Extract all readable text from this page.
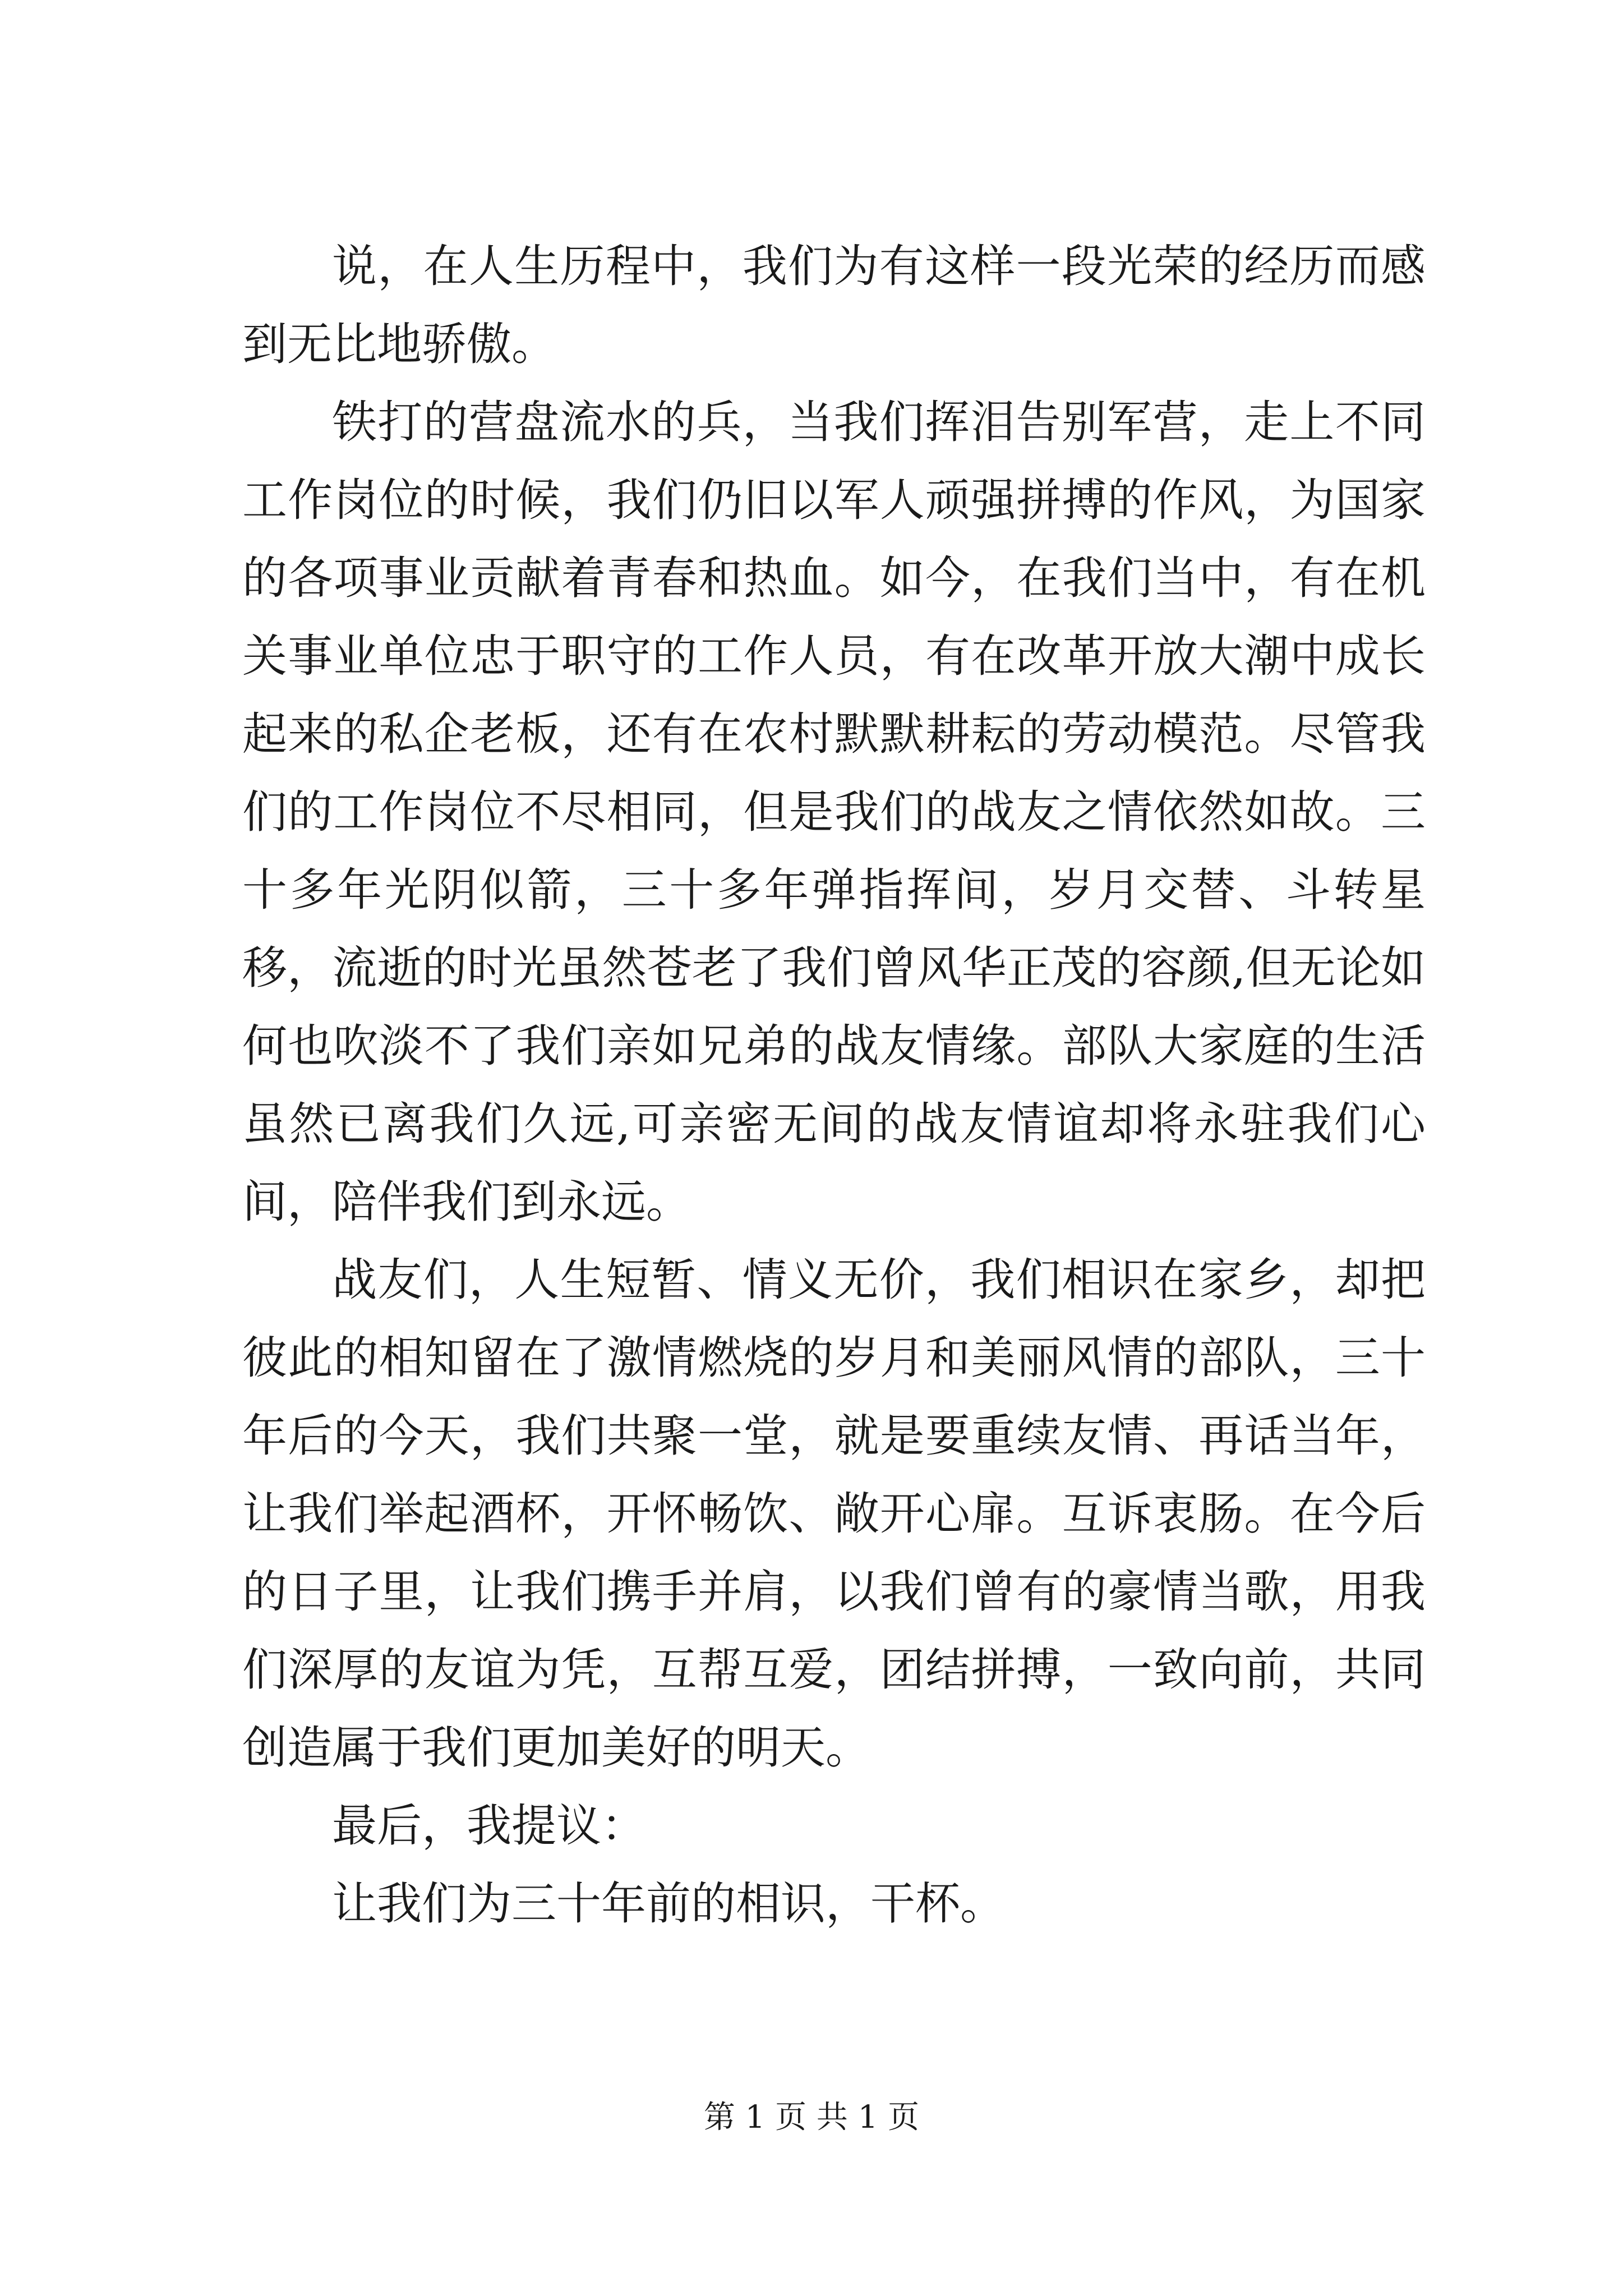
说，在人生历程中，我们为有这样一段光荣的经历而感到无比地骄傲。

铁打的营盘流水的兵，当我们挥泪告别军营，走上不同工作岗位的时候，我们仍旧以军人顽强拼搏的作风，为国家的各项事业贡献着青春和热血。如今，在我们当中，有在机关事业单位忠于职守的工作人员，有在改革开放大潮中成长起来的私企老板，还有在农村默默耕耘的劳动模范。尽管我们的工作岗位不尽相同，但是我们的战友之情依然如故。三十多年光阴似箭，三十多年弹指挥间，岁月交替、斗转星移，流逝的时光虽然苍老了我们曾风华正茂的容颜,但无论如何也吹淡不了我们亲如兄弟的战友情缘。部队大家庭的生活虽然已离我们久远,可亲密无间的战友情谊却将永驻我们心间，陪伴我们到永远。

战友们，人生短暂、情义无价，我们相识在家乡，却把彼此的相知留在了激情燃烧的岁月和美丽风情的部队，三十年后的今天，我们共聚一堂，就是要重续友情、再话当年，让我们举起酒杯，开怀畅饮、敞开心扉。互诉衷肠。在今后的日子里，让我们携手并肩，以我们曾有的豪情当歌，用我们深厚的友谊为凭，互帮互爱，团结拼搏，一致向前，共同创造属于我们更加美好的明天。

最后，我提议：

让我们为三十年前的相识，干杯。

第 1 页 共 1 页
